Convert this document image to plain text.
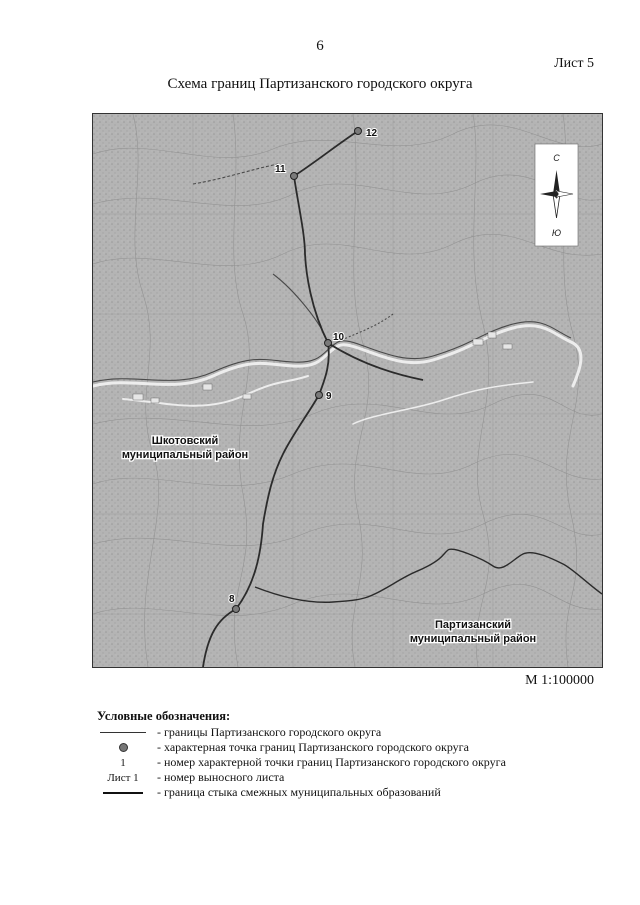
6
Лист 5
Схема границ Партизанского городского округа
12
11
10
9
8
Шкотовский
муниципальный район
Партизанский
муниципальный район
С
Ю
М 1:100000
Условные обозначения:
- границы Партизанского городского округа
- характерная точка границ Партизанского городского округа
1	- номер характерной точки границ Партизанского городского округа
Лист 1 - номер выносного листа
- граница стыка смежных муниципальных образований
